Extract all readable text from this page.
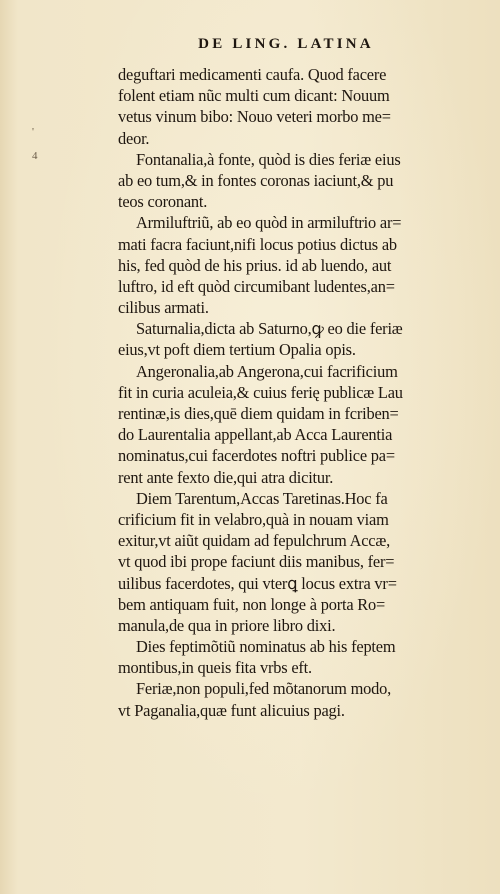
DE LING. LATINA
'
4
deguftari medicamenti caufa. Quod facere
folent etiam nũc multi cum dicant: Nouum
vetus vinum bibo: Nouo veteri morbo me=
deor.
Fontanalia,à fonte, quòd is dies feriæ eius
ab eo tum,& in fontes coronas iaciunt,& pu
teos coronant.
Armiluftriũ, ab eo quòd in armiluftrio ar=
mati facra faciunt,nifi locus potius dictus ab
his, fed quòd de his prius. id ab luendo, aut
luftro, id eft quòd circumibant ludentes,an=
cilibus armati.
Saturnalia,dicta ab Saturno,ꝙ eo die feriæ
eius,vt poft diem tertium Opalia opis.
Angeronalia,ab Angerona,cui facrificium
fit in curia aculeia,& cuius ferię publicæ Lau
rentinæ,is dies,quē diem quidam in fcriben=
do Laurentalia appellant,ab Acca Laurentia
nominatus,cui facerdotes noftri publice pa=
rent ante fexto die,qui atra dicitur.
Diem Tarentum,Accas Taretinas.Hoc fa
crificium fit in velabro,quà in nouam viam
exitur,vt aiũt quidam ad fepulchrum Accæ,
vt quod ibi prope faciunt diis manibus, fer=
uilibus facerdotes, qui vterꝗ locus extra vr=
bem antiquam fuit, non longe à porta Ro=
manula,de qua in priore libro dixi.
Dies feptimõtiũ nominatus ab his feptem
montibus,in queis fita vrbs eft.
Feriæ,non populi,fed mõtanorum modo,
vt Paganalia,quæ funt alicuius pagi.
